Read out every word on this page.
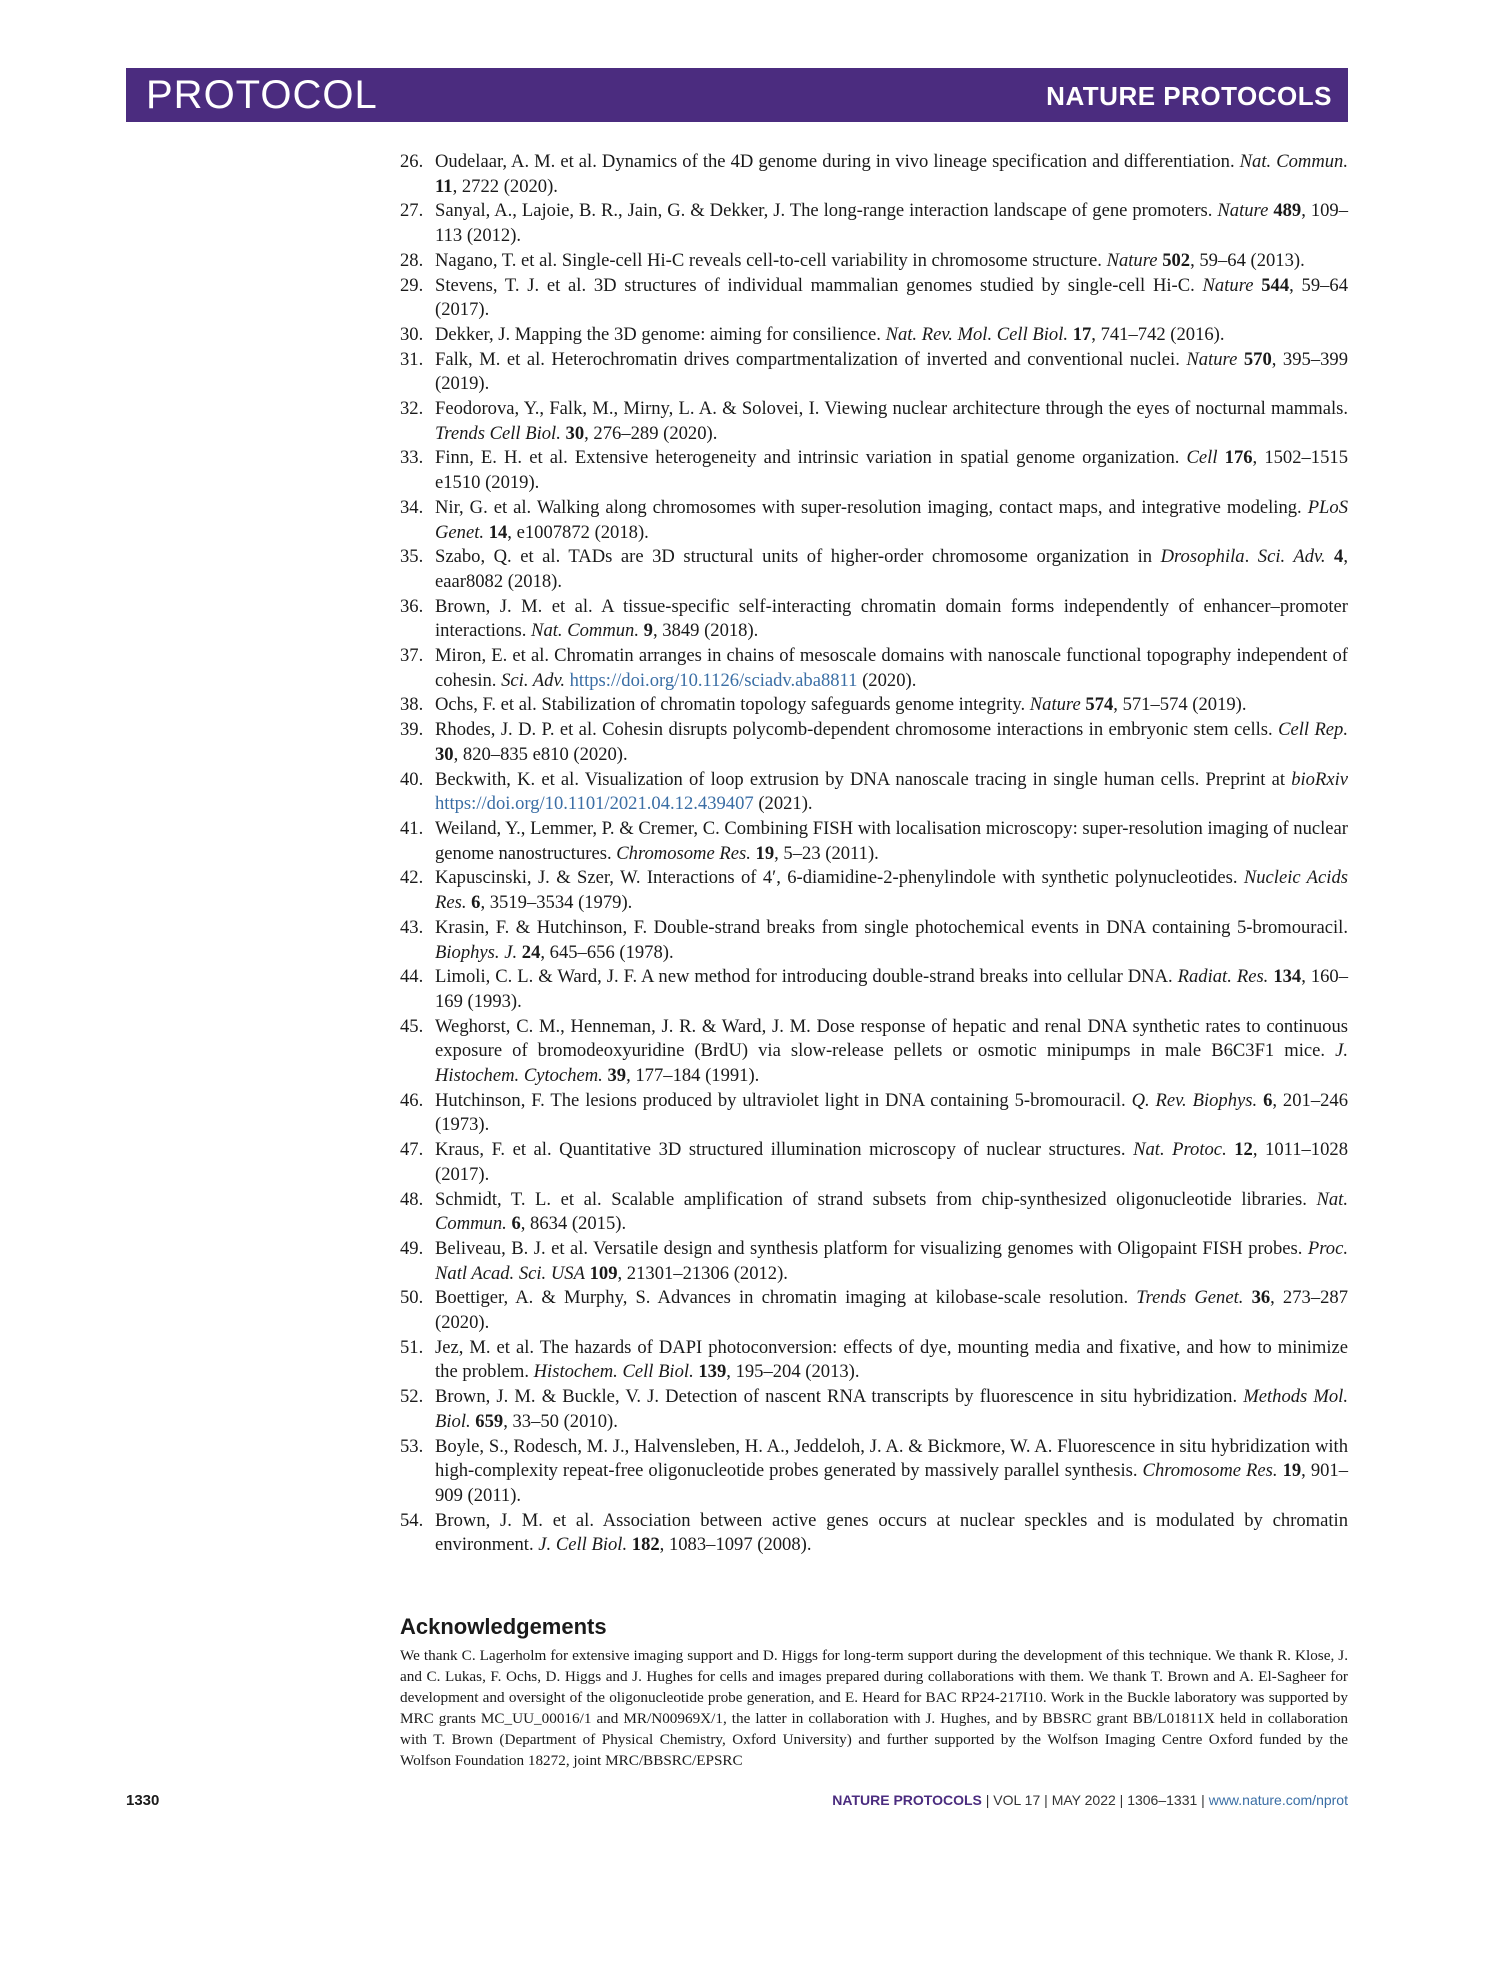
PROTOCOL	NATURE PROTOCOLS
26. Oudelaar, A. M. et al. Dynamics of the 4D genome during in vivo lineage specification and differentiation. Nat. Commun. 11, 2722 (2020).
27. Sanyal, A., Lajoie, B. R., Jain, G. & Dekker, J. The long-range interaction landscape of gene promoters. Nature 489, 109–113 (2012).
28. Nagano, T. et al. Single-cell Hi-C reveals cell-to-cell variability in chromosome structure. Nature 502, 59–64 (2013).
29. Stevens, T. J. et al. 3D structures of individual mammalian genomes studied by single-cell Hi-C. Nature 544, 59–64 (2017).
30. Dekker, J. Mapping the 3D genome: aiming for consilience. Nat. Rev. Mol. Cell Biol. 17, 741–742 (2016).
31. Falk, M. et al. Heterochromatin drives compartmentalization of inverted and conventional nuclei. Nature 570, 395–399 (2019).
32. Feodorova, Y., Falk, M., Mirny, L. A. & Solovei, I. Viewing nuclear architecture through the eyes of nocturnal mammals. Trends Cell Biol. 30, 276–289 (2020).
33. Finn, E. H. et al. Extensive heterogeneity and intrinsic variation in spatial genome organization. Cell 176, 1502–1515 e1510 (2019).
34. Nir, G. et al. Walking along chromosomes with super-resolution imaging, contact maps, and integrative modeling. PLoS Genet. 14, e1007872 (2018).
35. Szabo, Q. et al. TADs are 3D structural units of higher-order chromosome organization in Drosophila. Sci. Adv. 4, eaar8082 (2018).
36. Brown, J. M. et al. A tissue-specific self-interacting chromatin domain forms independently of enhancer–promoter interactions. Nat. Commun. 9, 3849 (2018).
37. Miron, E. et al. Chromatin arranges in chains of mesoscale domains with nanoscale functional topography independent of cohesin. Sci. Adv. https://doi.org/10.1126/sciadv.aba8811 (2020).
38. Ochs, F. et al. Stabilization of chromatin topology safeguards genome integrity. Nature 574, 571–574 (2019).
39. Rhodes, J. D. P. et al. Cohesin disrupts polycomb-dependent chromosome interactions in embryonic stem cells. Cell Rep. 30, 820–835 e810 (2020).
40. Beckwith, K. et al. Visualization of loop extrusion by DNA nanoscale tracing in single human cells. Preprint at bioRxiv https://doi.org/10.1101/2021.04.12.439407 (2021).
41. Weiland, Y., Lemmer, P. & Cremer, C. Combining FISH with localisation microscopy: super-resolution imaging of nuclear genome nanostructures. Chromosome Res. 19, 5–23 (2011).
42. Kapuscinski, J. & Szer, W. Interactions of 4′, 6-diamidine-2-phenylindole with synthetic polynucleotides. Nucleic Acids Res. 6, 3519–3534 (1979).
43. Krasin, F. & Hutchinson, F. Double-strand breaks from single photochemical events in DNA containing 5-bromouracil. Biophys. J. 24, 645–656 (1978).
44. Limoli, C. L. & Ward, J. F. A new method for introducing double-strand breaks into cellular DNA. Radiat. Res. 134, 160–169 (1993).
45. Weghorst, C. M., Henneman, J. R. & Ward, J. M. Dose response of hepatic and renal DNA synthetic rates to continuous exposure of bromodeoxyuridine (BrdU) via slow-release pellets or osmotic minipumps in male B6C3F1 mice. J. Histochem. Cytochem. 39, 177–184 (1991).
46. Hutchinson, F. The lesions produced by ultraviolet light in DNA containing 5-bromouracil. Q. Rev. Biophys. 6, 201–246 (1973).
47. Kraus, F. et al. Quantitative 3D structured illumination microscopy of nuclear structures. Nat. Protoc. 12, 1011–1028 (2017).
48. Schmidt, T. L. et al. Scalable amplification of strand subsets from chip-synthesized oligonucleotide libraries. Nat. Commun. 6, 8634 (2015).
49. Beliveau, B. J. et al. Versatile design and synthesis platform for visualizing genomes with Oligopaint FISH probes. Proc. Natl Acad. Sci. USA 109, 21301–21306 (2012).
50. Boettiger, A. & Murphy, S. Advances in chromatin imaging at kilobase-scale resolution. Trends Genet. 36, 273–287 (2020).
51. Jez, M. et al. The hazards of DAPI photoconversion: effects of dye, mounting media and fixative, and how to minimize the problem. Histochem. Cell Biol. 139, 195–204 (2013).
52. Brown, J. M. & Buckle, V. J. Detection of nascent RNA transcripts by fluorescence in situ hybridization. Methods Mol. Biol. 659, 33–50 (2010).
53. Boyle, S., Rodesch, M. J., Halvensleben, H. A., Jeddeloh, J. A. & Bickmore, W. A. Fluorescence in situ hybridization with high-complexity repeat-free oligonucleotide probes generated by massively parallel synthesis. Chromosome Res. 19, 901–909 (2011).
54. Brown, J. M. et al. Association between active genes occurs at nuclear speckles and is modulated by chromatin environment. J. Cell Biol. 182, 1083–1097 (2008).
Acknowledgements

We thank C. Lagerholm for extensive imaging support and D. Higgs for long-term support during the development of this technique. We thank R. Klose, J. and C. Lukas, F. Ochs, D. Higgs and J. Hughes for cells and images prepared during collaborations with them. We thank T. Brown and A. El-Sagheer for development and oversight of the oligonucleotide probe generation, and E. Heard for BAC RP24-217I10. Work in the Buckle laboratory was supported by MRC grants MC_UU_00016/1 and MR/N00969X/1, the latter in collaboration with J. Hughes, and by BBSRC grant BB/L01811X held in collaboration with T. Brown (Department of Physical Chemistry, Oxford University) and further supported by the Wolfson Imaging Centre Oxford funded by the Wolfson Foundation 18272, joint MRC/BBSRC/EPSRC

1330	NATURE PROTOCOLS | VOL 17 | MAY 2022 | 1306–1331 | www.nature.com/nprot
